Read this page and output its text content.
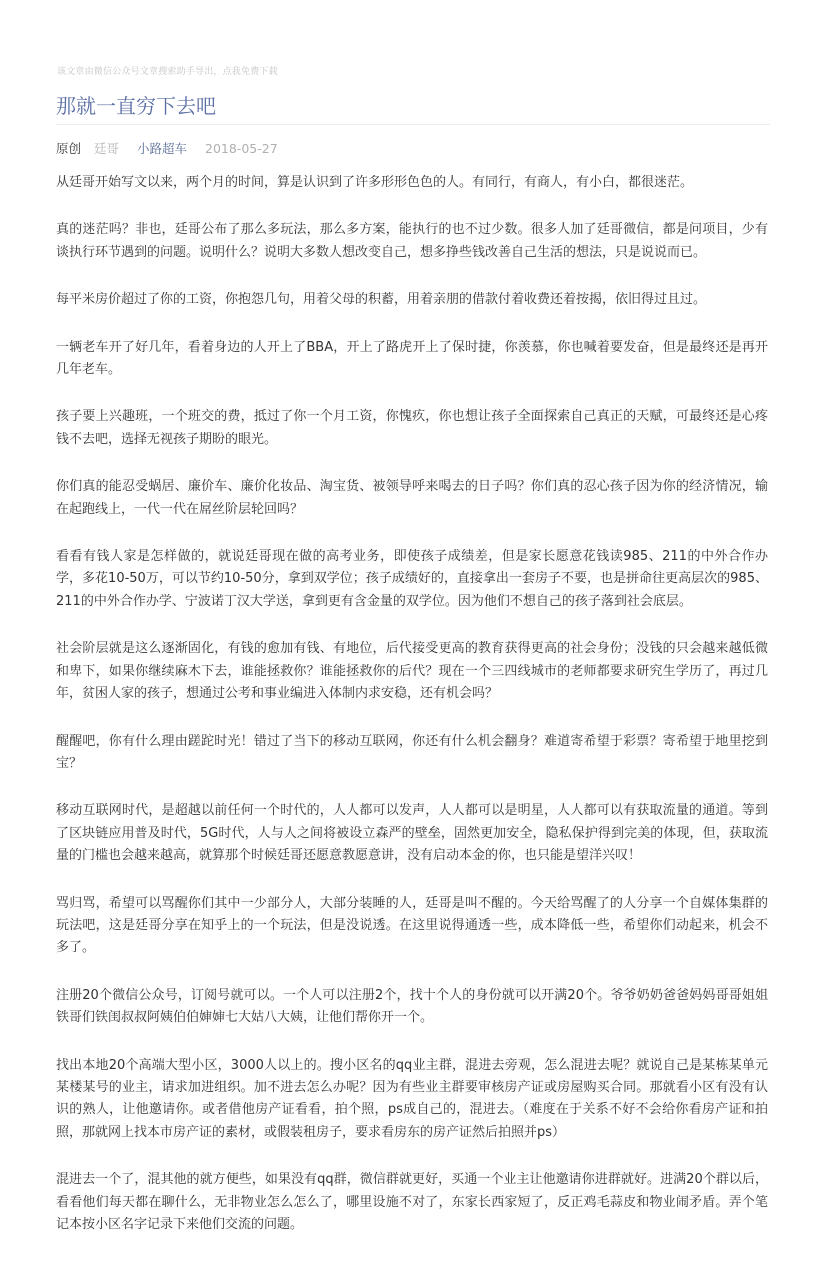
该文章由微信公众号文章搜索助手导出，点我免费下载
那就一直穷下去吧
原创 廷哥 小路超车 2018-05-27

从廷哥开始写文以来，两个月的时间，算是认识到了许多形形色色的人。有同行，有商人，有小白，都很迷茫。

真的迷茫吗？非也，廷哥公布了那么多玩法，那么多方案，能执行的也不过少数。很多人加了廷哥微信，都是问项目，少有谈执行环节遇到的问题。说明什么？说明大多数人想改变自己，想多挣些钱改善自己生活的想法，只是说说而已。

每平米房价超过了你的工资，你抱怨几句，用着父母的积蓄，用着亲朋的借款付着收费还着按揭，依旧得过且过。

一辆老车开了好几年，看着身边的人开上了BBA，开上了路虎开上了保时捷，你羡慕，你也喊着要发奋，但是最终还是再开几年老车。

孩子要上兴趣班，一个班交的费，抵过了你一个月工资，你愧疚，你也想让孩子全面探索自己真正的天赋，可最终还是心疼钱不去吧，选择无视孩子期盼的眼光。

你们真的能忍受蜗居、廉价车、廉价化妆品、淘宝货、被领导呼来喝去的日子吗？你们真的忍心孩子因为你的经济情况，输在起跑线上，一代一代在屌丝阶层轮回吗？

看看有钱人家是怎样做的，就说廷哥现在做的高考业务，即使孩子成绩差，但是家长愿意花钱读985、211的中外合作办学，多花10-50万，可以节约10-50分，拿到双学位；孩子成绩好的，直接拿出一套房子不要，也是拼命往更高层次的985、211的中外合作办学、宁波诺丁汉大学送，拿到更有含金量的双学位。因为他们不想自己的孩子落到社会底层。

社会阶层就是这么逐渐固化，有钱的愈加有钱、有地位，后代接受更高的教育获得更高的社会身份；没钱的只会越来越低微和卑下，如果你继续麻木下去，谁能拯救你？谁能拯救你的后代？现在一个三四线城市的老师都要求研究生学历了，再过几年，贫困人家的孩子，想通过公考和事业编进入体制内求安稳，还有机会吗？

醒醒吧，你有什么理由蹉跎时光！错过了当下的移动互联网，你还有什么机会翻身？难道寄希望于彩票？寄希望于地里挖到宝？

移动互联网时代，是超越以前任何一个时代的，人人都可以发声，人人都可以是明星，人人都可以有获取流量的通道。等到了区块链应用普及时代，5G时代，人与人之间将被设立森严的壁垒，固然更加安全，隐私保护得到完美的体现，但，获取流量的门槛也会越来越高，就算那个时候廷哥还愿意教愿意讲，没有启动本金的你，也只能是望洋兴叹！

骂归骂，希望可以骂醒你们其中一少部分人，大部分装睡的人，廷哥是叫不醒的。今天给骂醒了的人分享一个自媒体集群的玩法吧，这是廷哥分享在知乎上的一个玩法，但是没说透。在这里说得通透一些，成本降低一些，希望你们动起来，机会不多了。

注册20个微信公众号，订阅号就可以。一个人可以注册2个，找十个人的身份就可以开满20个。爷爷奶奶爸爸妈妈哥哥姐姐铁哥们铁闺叔叔阿姨伯伯婶婶七大姑八大姨，让他们帮你开一个。

找出本地20个高端大型小区，3000人以上的。搜小区名的qq业主群，混进去旁观，怎么混进去呢？就说自己是某栋某单元某楼某号的业主，请求加进组织。加不进去怎么办呢？因为有些业主群要审核房产证或房屋购买合同。那就看小区有没有认识的熟人，让他邀请你。或者借他房产证看看，拍个照，ps成自己的，混进去。（难度在于关系不好不会给你看房产证和拍照，那就网上找本市房产证的素材，或假装租房子，要求看房东的房产证然后拍照并ps）

混进去一个了，混其他的就方便些，如果没有qq群，微信群就更好，买通一个业主让他邀请你进群就好。进满20个群以后，看看他们每天都在聊什么，无非物业怎么怎么了，哪里设施不对了，东家长西家短了，反正鸡毛蒜皮和物业闹矛盾。弄个笔记本按小区名字记录下来他们交流的问题。
